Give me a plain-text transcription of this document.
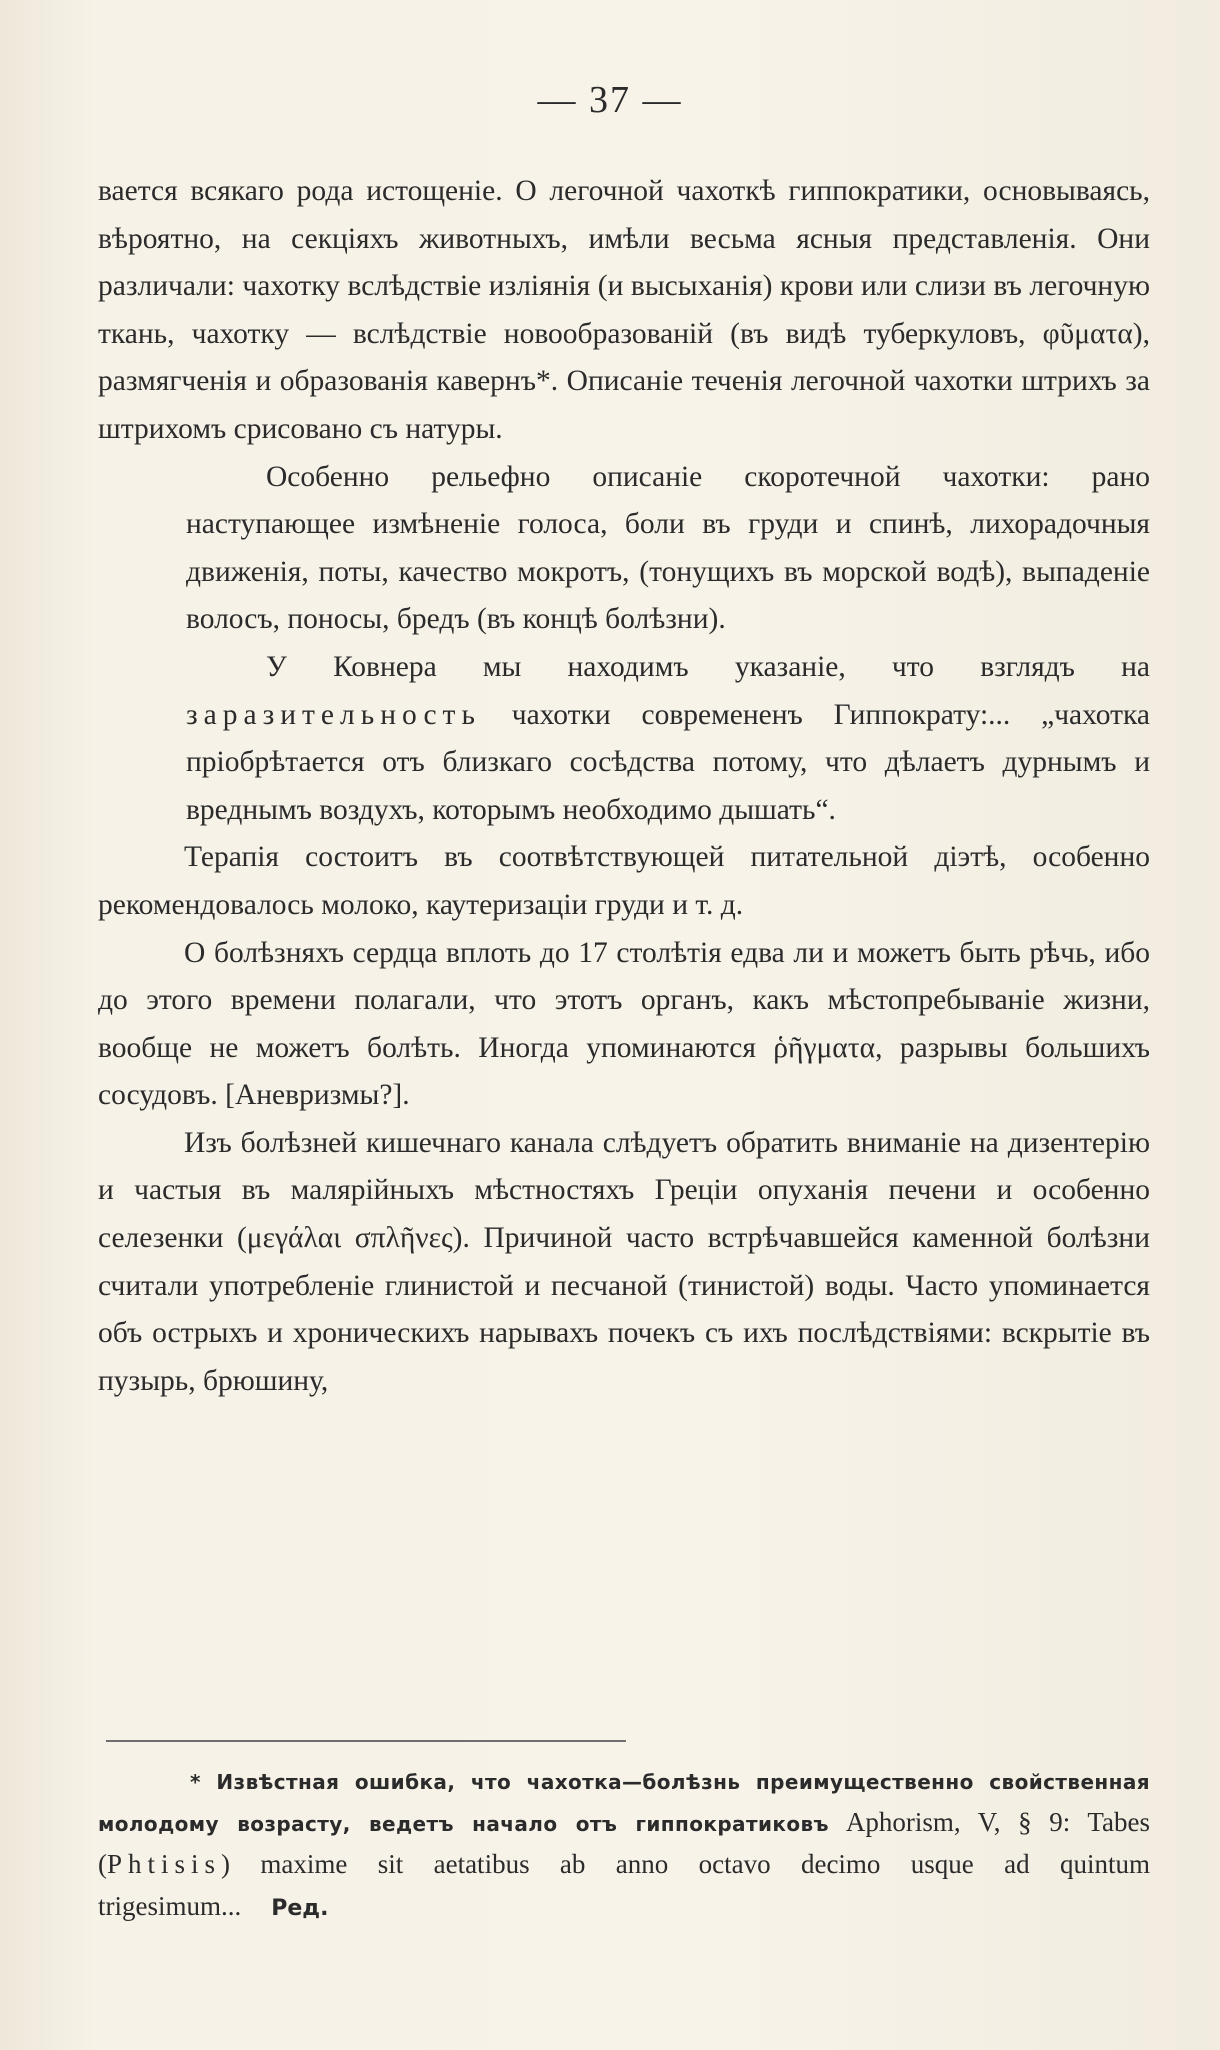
— 37 —

вается всякаго рода истощеніе. О легочной чахоткѣ гиппократики, основываясь, вѣроятно, на секціяхъ животныхъ, имѣли весьма ясныя представленія. Они различали: чахотку вслѣдствіе изліянія (и высыханія) крови или слизи въ легочную ткань, чахотку — вслѣдствіе новообразованій (въ видѣ туберкуловъ, φῦματα), размягченія и образованія кавернъ*. Описаніе теченія легочной чахотки штрихъ за штрихомъ срисовано съ натуры.

Особенно рельефно описаніе скоротечной чахотки: рано наступающее измѣненіе голоса, боли въ груди и спинѣ, лихорадочныя движенія, поты, качество мокротъ, (тонущихъ въ морской водѣ), выпаденіе волосъ, поносы, бредъ (въ концѣ болѣзни).

У Ковнера мы находимъ указаніе, что взглядъ на заразительность чахотки современенъ Гиппократу:... „чахотка пріобрѣтается отъ близкаго сосѣдства потому, что дѣлаетъ дурнымъ и вреднымъ воздухъ, которымъ необходимо дышать“.

Терапія состоитъ въ соотвѣтствующей питательной діэтѣ, особенно рекомендовалось молоко, каутеризаціи груди и т. д.

О болѣзняхъ сердца вплоть до 17 столѣтія едва ли и можетъ быть рѣчь, ибо до этого времени полагали, что этотъ органъ, какъ мѣстопребываніе жизни, вообще не можетъ болѣть. Иногда упоминаются ῥῆγματα, разрывы большихъ сосудовъ. [Аневризмы?].

Изъ болѣзней кишечнаго канала слѣдуетъ обратить вниманіе на дизентерію и частыя въ малярійныхъ мѣстностяхъ Греціи опуханія печени и особенно селезенки (μεγάλαι σπλῆνες). Причиной часто встрѣчавшейся каменной болѣзни считали употребленіе глинистой и песчаной (тинистой) воды. Часто упоминается объ острыхъ и хроническихъ нарывахъ почекъ съ ихъ послѣдствіями: вскрытіе въ пузырь, брюшину,

* Извѣстная ошибка, что чахотка—болѣзнь преимущественно свойственная молодому возрасту, ведетъ начало отъ гиппократиковъ Aphorism, V, § 9: Tabes (Phtisis) maxime sit aetatibus ab anno octavo decimo usque ad quintum trigesimum... Ред.
